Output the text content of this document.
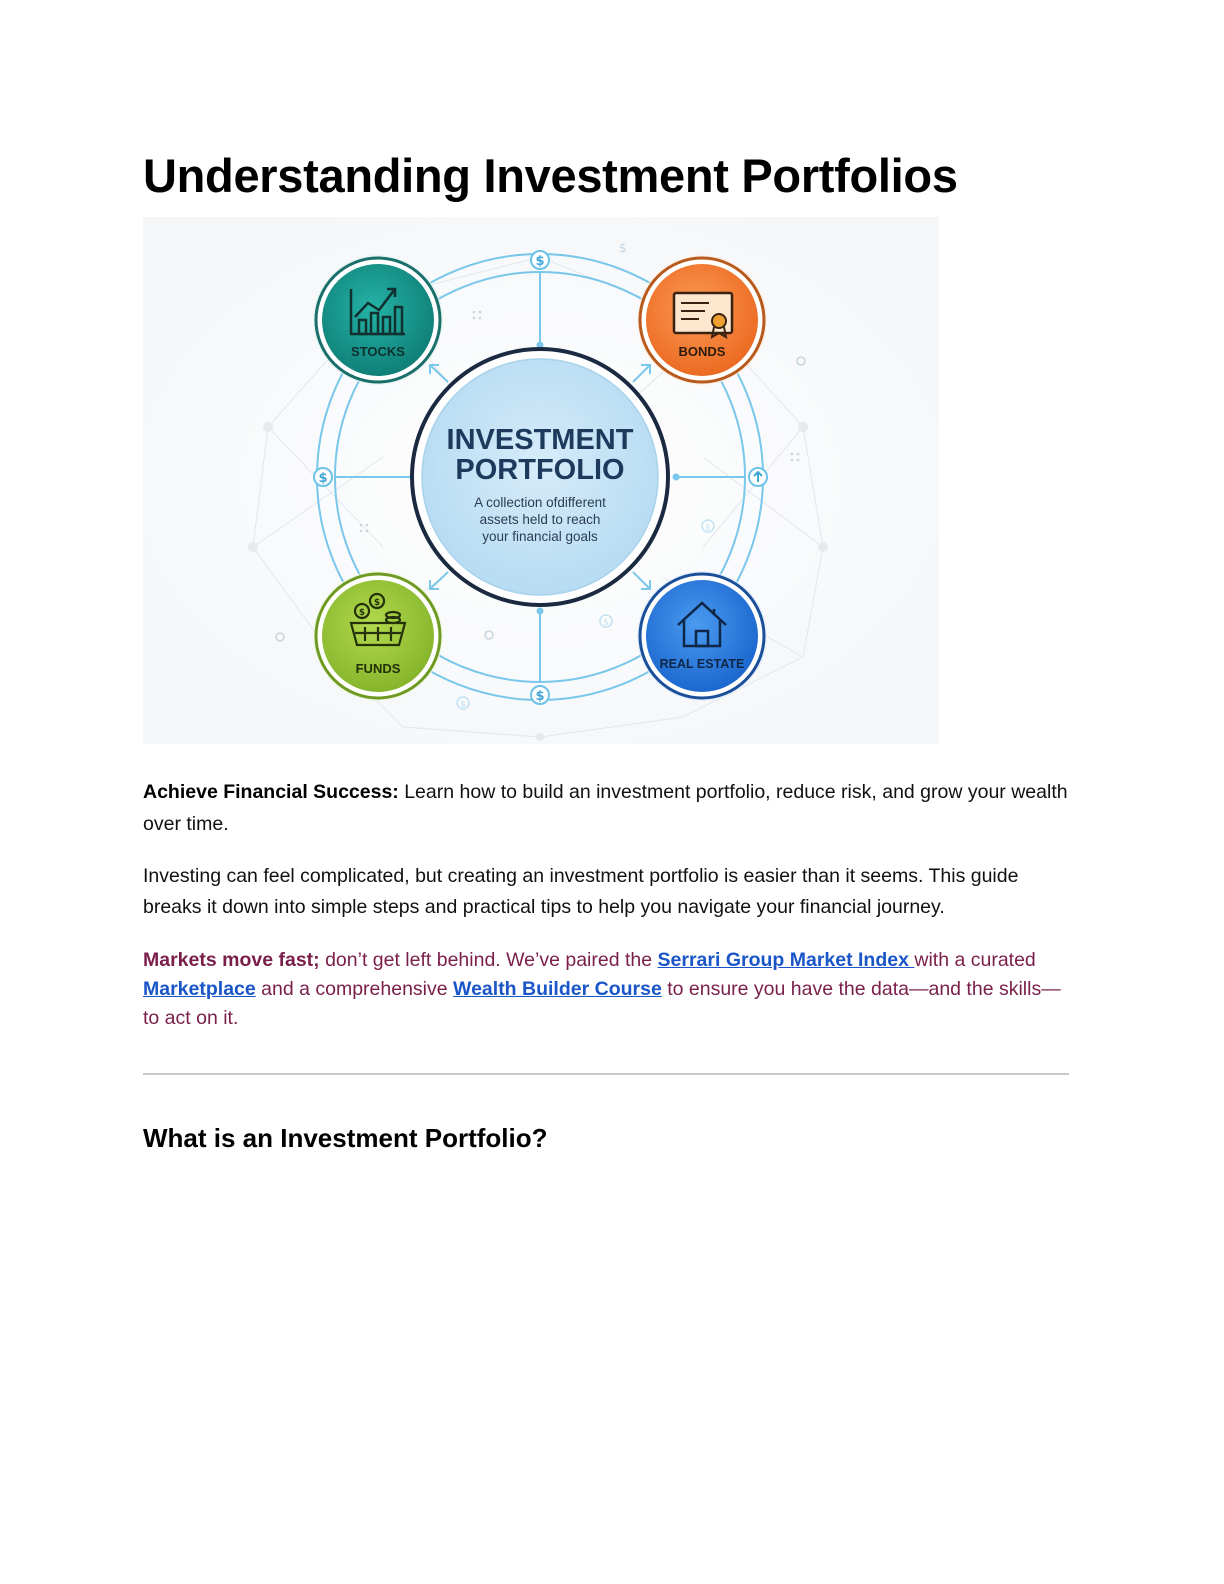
Understanding Investment Portfolios
$
$
$
$
$
$
$
INVESTMENT
PORTFOLIO
A collection ofdifferent
assets held to reach
your financial goals
STOCKS	BONDS
$
$
FUNDS	REAL ESTATE

Achieve Financial Success: Learn how to build an investment portfolio, reduce risk, and grow your wealth over time.

Investing can feel complicated, but creating an investment portfolio is easier than it seems. This guide breaks it down into simple steps and practical tips to help you navigate your financial journey.

Markets move fast; don’t get left behind. We’ve paired the Serrari Group Market Index with a curated Marketplace and a comprehensive Wealth Builder Course to ensure you have the data—and the skills—to act on it.

What is an Investment Portfolio?
